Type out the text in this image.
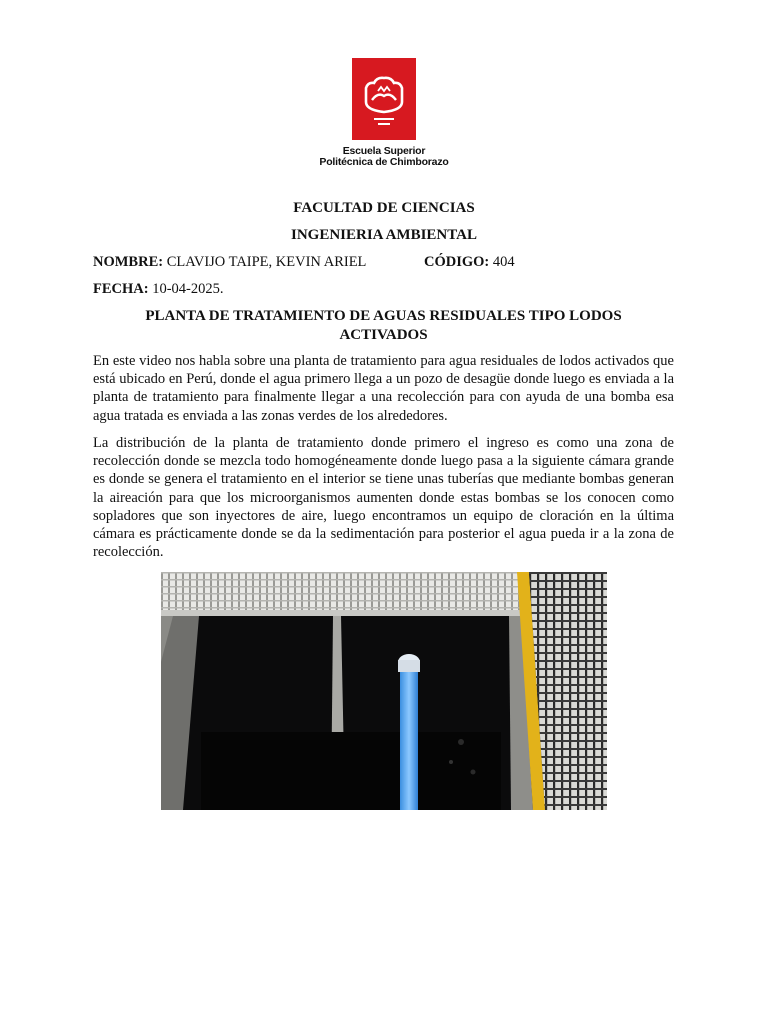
Escuela Superior
Politécnica de Chimborazo
FACULTAD DE CIENCIAS
INGENIERIA AMBIENTAL
NOMBRE: CLAVIJO TAIPE, KEVIN ARIEL	CÓDIGO: 404
FECHA: 10-04-2025.
PLANTA DE TRATAMIENTO DE AGUAS RESIDUALES TIPO LODOS
ACTIVADOS

En este video nos habla sobre una planta de tratamiento para agua residuales de lodos activados que está ubicado en Perú, donde el agua primero llega a un pozo de desagüe donde luego es enviada a la planta de tratamiento para finalmente llegar a una recolección para con ayuda de una bomba esa agua tratada es enviada a las zonas verdes de los alrededores.

La distribución de la planta de tratamiento donde primero el ingreso es como una zona de recolección donde se mezcla todo homogéneamente donde luego pasa a la siguiente cámara grande es donde se genera el tratamiento en el interior se tiene unas tuberías que mediante bombas generan la aireación para que los microorganismos aumenten donde estas bombas se los conocen como sopladores que son inyectores de aire, luego encontramos un equipo de cloración en la última cámara es prácticamente donde se da la sedimentación para posterior el agua pueda ir a la zona de recolección.
